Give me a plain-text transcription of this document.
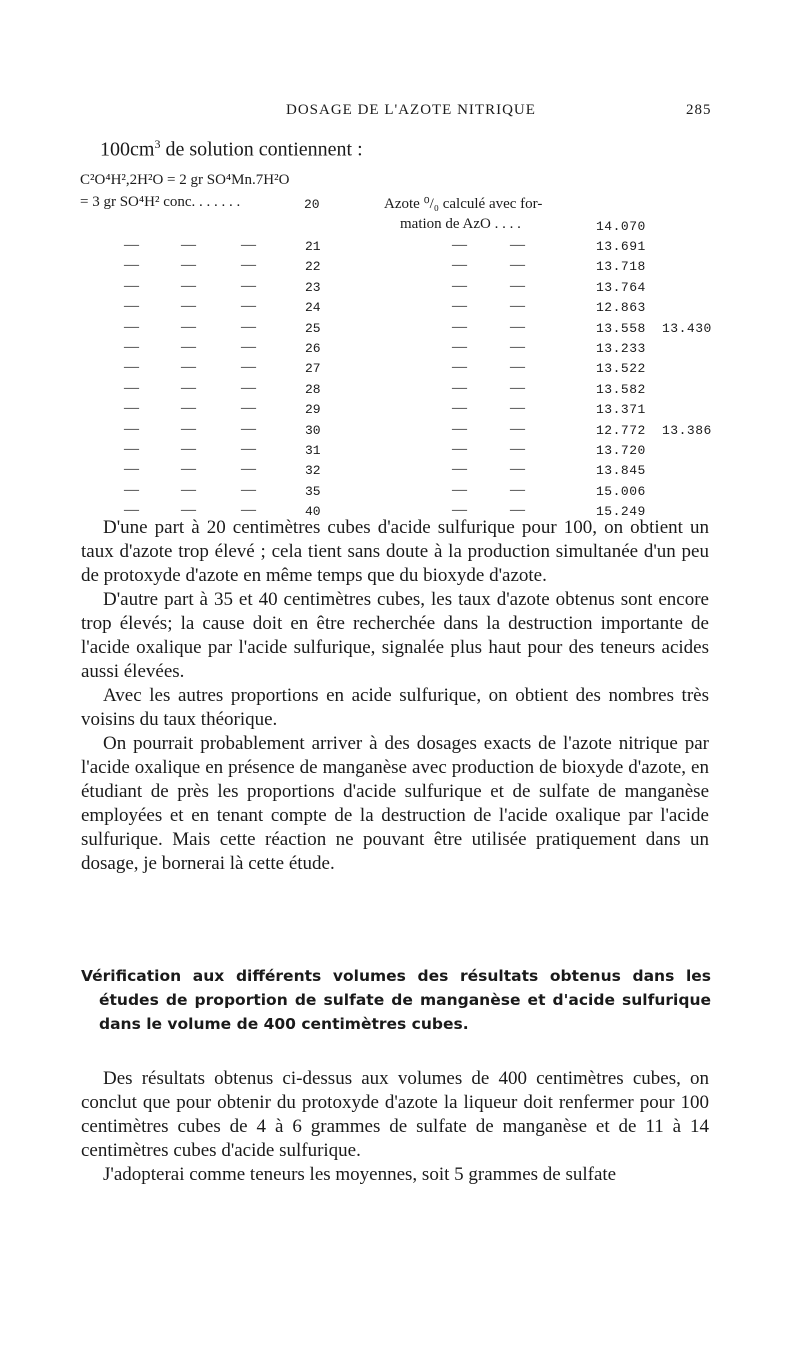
DOSAGE DE L'AZOTE NITRIQUE	285
$100cm^3$ de solution contiennent :
C²O⁴H²,2H²O = 2 gr SO⁴Mn.7H²O
= 3 gr SO⁴H² conc. . . . . . .	20	Azote ⁰/₀ calculé avec for-
mation de AzO . . . .	14.070
—	—	—	21	—	—	13.691
—	—	—	22	—	—	13.718
—	—	—	23	—	—	13.764
—	—	—	24	—	—	12.863
—	—	—	25	—	—	13.558 13.430
—	—	—	26	—	—	13.233
—	—	—	27	—	—	13.522
—	—	—	28	—	—	13.582
—	—	—	29	—	—	13.371
—	—	—	30	—	—	12.772 13.386
—	—	—	31	—	—	13.720
—	—	—	32	—	—	13.845
—	—	—	35	—	—	15.006
—	—	—	40	—	—	15.249

D'une part à 20 centimètres cubes d'acide sulfurique pour 100, on obtient un taux d'azote trop élevé ; cela tient sans doute à la production simultanée d'un peu de protoxyde d'azote en même temps que du bioxyde d'azote.

D'autre part à 35 et 40 centimètres cubes, les taux d'azote obtenus sont encore trop élevés; la cause doit en être recherchée dans la destruction importante de l'acide oxalique par l'acide sulfurique, signalée plus haut pour des teneurs acides aussi élevées.

Avec les autres proportions en acide sulfurique, on obtient des nombres très voisins du taux théorique.

On pourrait probablement arriver à des dosages exacts de l'azote nitrique par l'acide oxalique en présence de manganèse avec production de bioxyde d'azote, en étudiant de près les proportions d'acide sulfurique et de sulfate de manganèse employées et en tenant compte de la destruction de l'acide oxalique par l'acide sulfurique. Mais cette réaction ne pouvant être utilisée pratiquement dans un dosage, je bornerai là cette étude.

Vérification aux différents volumes des résultats obtenus dans les études de proportion de sulfate de manganèse et d'acide sulfurique dans le volume de 400 centimètres cubes.

Des résultats obtenus ci-dessus aux volumes de 400 centimètres cubes, on conclut que pour obtenir du protoxyde d'azote la liqueur doit renfermer pour 100 centimètres cubes de 4 à 6 grammes de sulfate de manganèse et de 11 à 14 centimètres cubes d'acide sulfurique.

J'adopterai comme teneurs les moyennes, soit 5 grammes de sulfate
